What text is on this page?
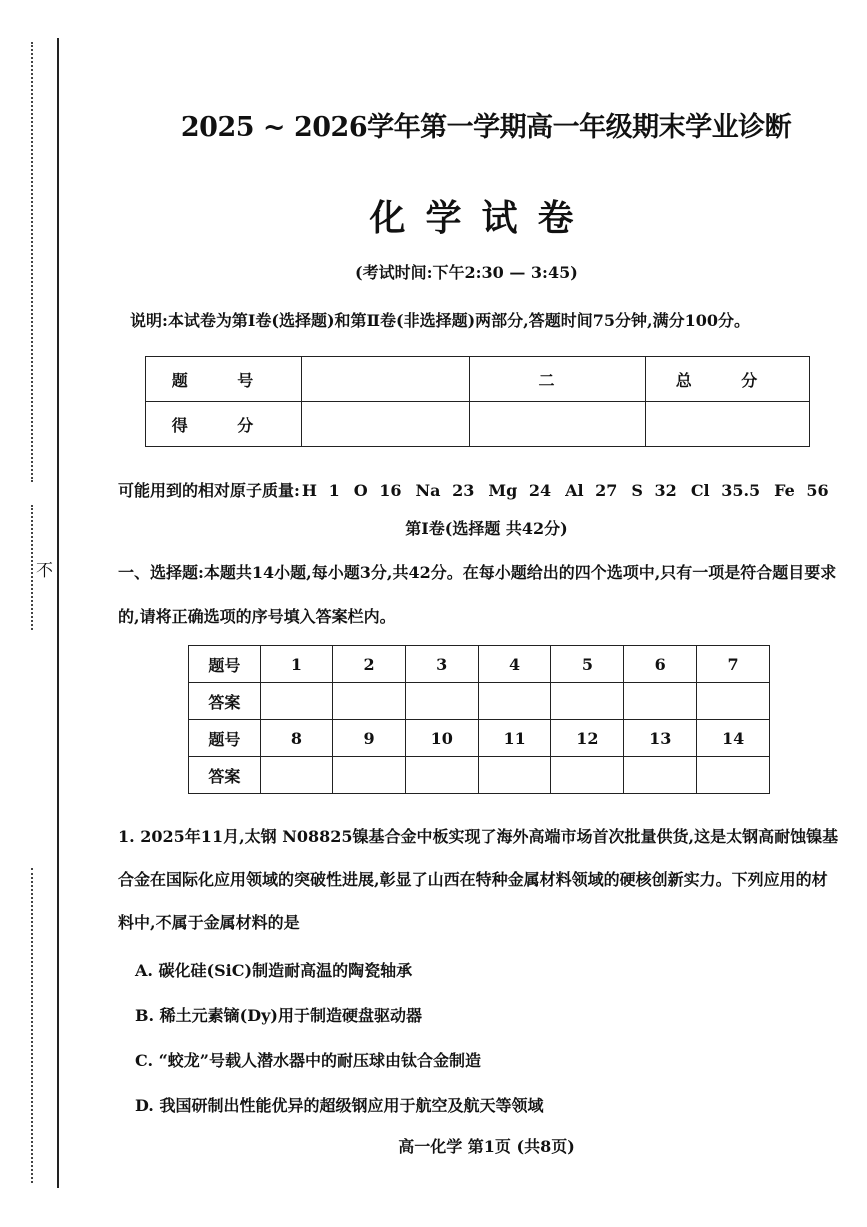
不
2025 ~ 2026学年第一学期高一年级期末学业诊断
化学试卷
(考试时间:下午2:30 — 3:45)
说明:本试卷为第Ⅰ卷(选择题)和第Ⅱ卷(非选择题)两部分,答题时间75分钟,满分100分。
题 号		二	总 分
得 分			
可能用到的相对原子质量: H 1 O 16 Na 23 Mg 24 Al 27 S 32 Cl 35.5 Fe 56
第Ⅰ卷(选择题 共42分)
一、选择题:本题共14小题,每小题3分,共42分。在每小题给出的四个选项中,只有一项是符合题目要求的,请将正确选项的序号填入答案栏内。
题号	1	2	3	4	5	6	7
答案							
题号	8	9	10	11	12	13	14
答案							
1. 2025年11月,太钢 N08825镍基合金中板实现了海外高端市场首次批量供货,这是太钢高耐蚀镍基合金在国际化应用领域的突破性进展,彰显了山西在特种金属材料领域的硬核创新实力。下列应用的材料中,不属于金属材料的是
A. 碳化硅(SiC)制造耐高温的陶瓷轴承
B. 稀土元素镝(Dy)用于制造硬盘驱动器
C. “蛟龙”号载人潜水器中的耐压球由钛合金制造
D. 我国研制出性能优异的超级钢应用于航空及航天等领域
高一化学 第1页 (共8页)
